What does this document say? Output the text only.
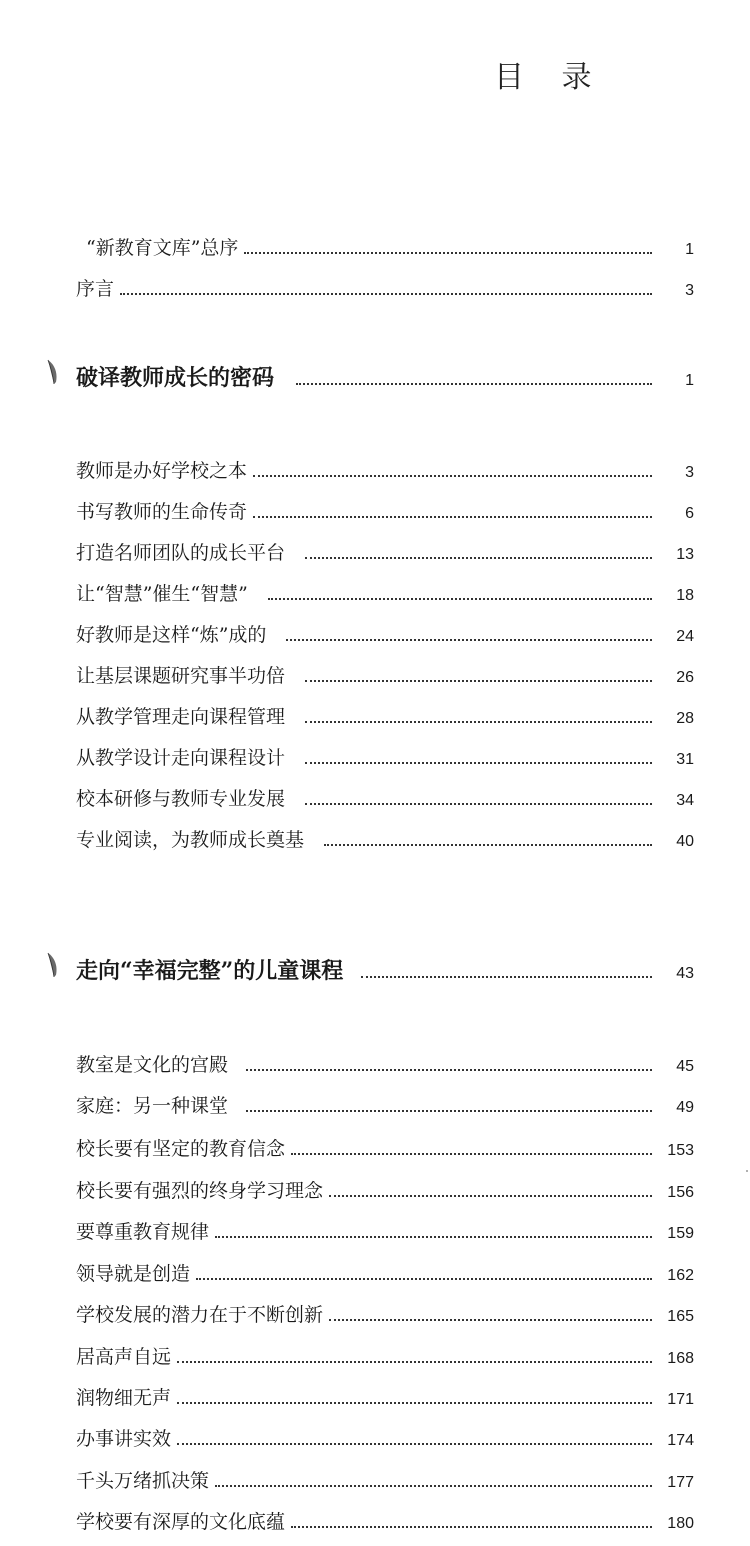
目 录
“新教育文库”总序	1
序言	3
破译教师成长的密码	1
教师是办好学校之本	3
书写教师的生命传奇	6
打造名师团队的成长平台	13
让“智慧”催生“智慧”	18
好教师是这样“炼”成的	24
让基层课题研究事半功倍	26
从教学管理走向课程管理	28
从教学设计走向课程设计	31
校本研修与教师专业发展	34
专业阅读，为教师成长奠基	40
走向“幸福完整”的儿童课程	43
教室是文化的宫殿	45
家庭：另一种课堂	49
校长要有坚定的教育信念	153
校长要有强烈的终身学习理念	156
要尊重教育规律	159
领导就是创造	162
学校发展的潜力在于不断创新	165
居高声自远	168
润物细无声	171
办事讲实效	174
千头万绪抓决策	177
学校要有深厚的文化底蕴	180
